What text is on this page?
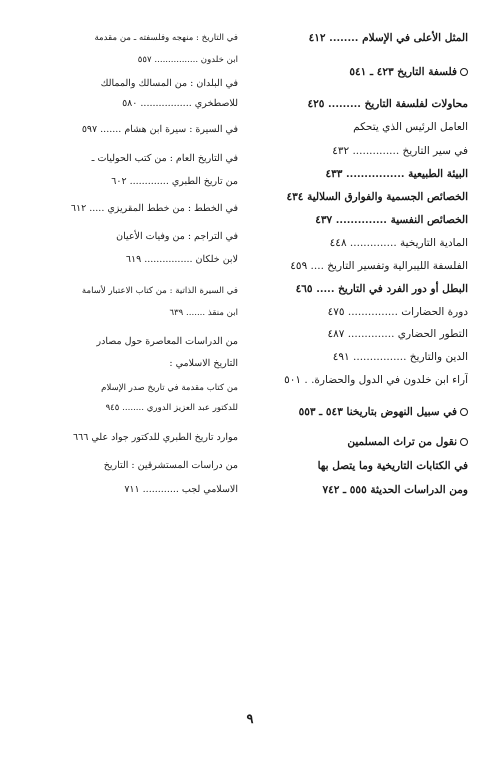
المثل الأعلى في الإسلام ........ ٤١٢
فلسفة التاريخ ٤٢٣ ـ ٥٤١
محاولات لفلسفة التاريخ ......... ٤٢٥
العامل الرئيس الذي يتحكم
في سير التاريخ .............. ٤٣٢
البيئة الطبيعية ................ ٤٣٣
الخصائص الجسمية والفوارق السلالية ٤٣٤
الخصائص النفسية .............. ٤٣٧
المادية التاريخية .............. ٤٤٨
الفلسفة الليبرالية وتفسير التاريخ .... ٤٥٩
البطل أو دور الفرد في التاريخ ..... ٤٦٥
دورة الحضارات ............... ٤٧٥
التطور الحضاري .............. ٤٨٧
الدين والتاريخ ................ ٤٩١
آراء ابن خلدون في الدول والحضارة. . ٥٠١
في سبيل النهوض بتاريخنا ٥٤٣ ـ ٥٥٣
نقول من تراث المسلمين
في الكتابات التاريخية وما يتصل بها
ومن الدراسات الحديثة ٥٥٥ ـ ٧٤٢
في التاريخ : منهجه وفلسفته ـ من مقدمة
ابن خلدون ................ ٥٥٧
في البلدان : من المسالك والممالك
للاصطخري ................. ٥٨٠
في السيرة : سيرة ابن هشام ....... ٥٩٧
في التاريخ العام : من كتب الحوليات ـ
من تاريخ الطبري ............. ٦٠٢
في الخطط : من خطط المقريزي ..... ٦١٢
في التراجم : من وفيات الأعيان
لابن خلكان ................ ٦١٩
في السيرة الذاتية : من كتاب الاعتبار لأسامة
ابن منقذ ....... ٦٣٩
من الدراسات المعاصرة حول مصادر
التاريخ الاسلامي :
من كتاب مقدمة في تاريخ صدر الإسلام
للدكتور عبد العزيز الدوري ........ ٩٤٥
موارد تاريخ الطبري للدكتور جواد علي ٦٦٦
من دراسات المستشرقين : التاريخ
الاسلامي لجب ............ ٧١١
٩
